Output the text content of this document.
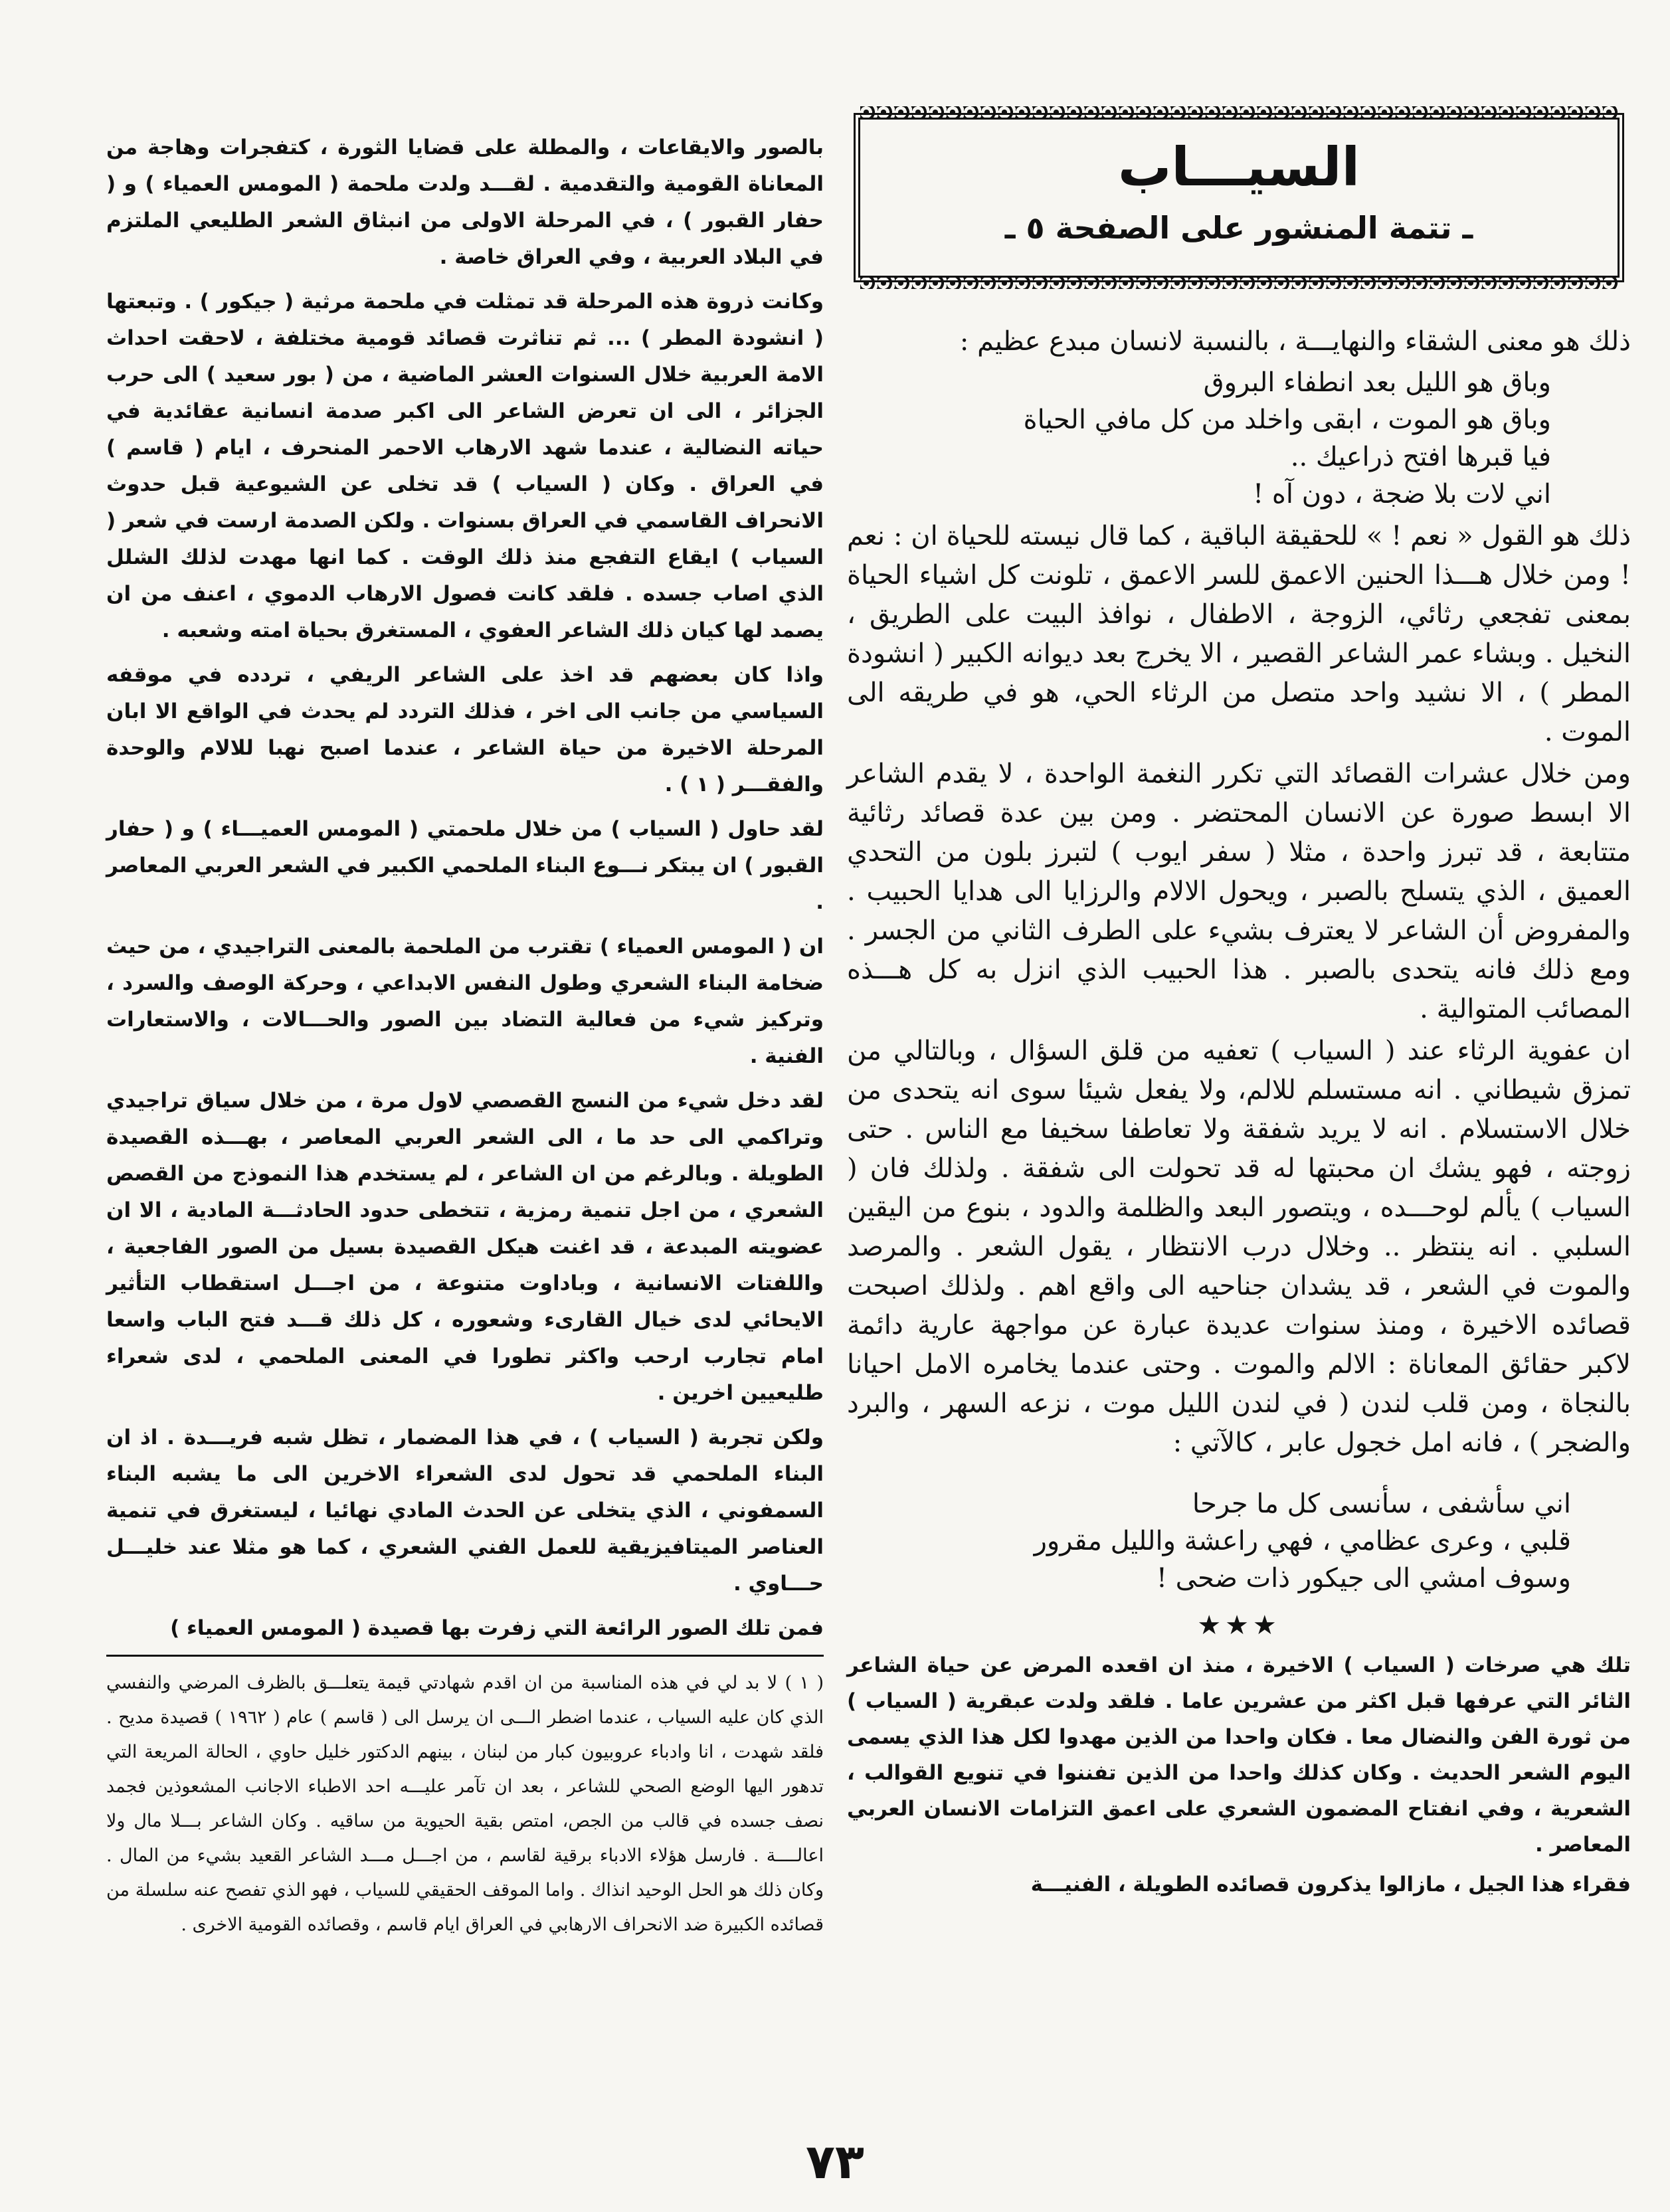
السيـــاب
ـ تتمة المنشور على الصفحة ٥ ـ

ذلك هو معنى الشقاء والنهايـــة ، بالنسبة لانسان مبدع عظيم :

وباق هو الليل بعد انطفاء البروق
وباق هو الموت ، ابقى واخلد من كل مافي الحياة
فيا قبرها افتح ذراعيك ..
اني لات بلا ضجة ، دون آه !

ذلك هو القول « نعم ! » للحقيقة الباقية ، كما قال نيسته للحياة ان : نعم ! ومن خلال هـــذا الحنين الاعمق للسر الاعمق ، تلونت كل اشياء الحياة بمعنى تفجعي رثائي، الزوجة ، الاطفال ، نوافذ البيت على الطريق ، النخيل . وبشاء عمر الشاعر القصير ، الا يخرج بعد ديوانه الكبير ( انشودة المطر ) ، الا نشيد واحد متصل من الرثاء الحي، هو في طريقه الى الموت .

ومن خلال عشرات القصائد التي تكرر النغمة الواحدة ، لا يقدم الشاعر الا ابسط صورة عن الانسان المحتضر . ومن بين عدة قصائد رثائية متتابعة ، قد تبرز واحدة ، مثلا ( سفر ايوب ) لتبرز بلون من التحدي العميق ، الذي يتسلح بالصبر ، ويحول الالام والرزايا الى هدايا الحبيب . والمفروض أن الشاعر لا يعترف بشيء على الطرف الثاني من الجسر . ومع ذلك فانه يتحدى بالصبر . هذا الحبيب الذي انزل به كل هـــذه المصائب المتوالية .

ان عفوية الرثاء عند ( السياب ) تعفيه من قلق السؤال ، وبالتالي من تمزق شيطاني . انه مستسلم للالم، ولا يفعل شيئا سوى انه يتحدى من خلال الاستسلام . انه لا يريد شفقة ولا تعاطفا سخيفا مع الناس . حتى زوجته ، فهو يشك ان محبتها له قد تحولت الى شفقة . ولذلك فان ( السياب ) يألم لوحـــده ، ويتصور البعد والظلمة والدود ، بنوع من اليقين السلبي . انه ينتظر .. وخلال درب الانتظار ، يقول الشعر . والمرصد والموت في الشعر ، قد يشدان جناحيه الى واقع اهم . ولذلك اصبحت قصائده الاخيرة ، ومنذ سنوات عديدة عبارة عن مواجهة عارية دائمة لاكبر حقائق المعاناة : الالم والموت . وحتى عندما يخامره الامل احيانا بالنجاة ، ومن قلب لندن ( في لندن الليل موت ، نزعه السهر ، والبرد والضجر ) ، فانه امل خجول عابر ، كالآتي :

اني سأشفى ، سأنسى كل ما جرحا
قلبي ، وعرى عظامي ، فهي راعشة والليل مقرور
وسوف امشي الى جيكور ذات ضحى !
★★★

تلك هي صرخات ( السياب ) الاخيرة ، منذ ان اقعده المرض عن حياة الشاعر الثائر التي عرفها قبل اكثر من عشرين عاما . فلقد ولدت عبقرية ( السياب ) من ثورة الفن والنضال معا . فكان واحدا من الذين مهدوا لكل هذا الذي يسمى اليوم الشعر الحديث . وكان كذلك واحدا من الذين تفننوا في تنويع القوالب ، الشعرية ، وفي انفتاح المضمون الشعري على اعمق التزامات الانسان العربي المعاصر .

فقراء هذا الجيل ، مازالوا يذكرون قصائده الطويلة ، الفنيـــة

بالصور والايقاعات ، والمطلة على قضايا الثورة ، كتفجرات وهاجة من المعاناة القومية والتقدمية . لقـــد ولدت ملحمة ( المومس العمياء ) و ( حفار القبور ) ، في المرحلة الاولى من انبثاق الشعر الطليعي الملتزم في البلاد العربية ، وفي العراق خاصة .

وكانت ذروة هذه المرحلة قد تمثلت في ملحمة مرثية ( جيكور ) . وتبعتها ( انشودة المطر ) ... ثم تناثرت قصائد قومية مختلفة ، لاحقت احداث الامة العربية خلال السنوات العشر الماضية ، من ( بور سعيد ) الى حرب الجزائر ، الى ان تعرض الشاعر الى اكبر صدمة انسانية عقائدية في حياته النضالية ، عندما شهد الارهاب الاحمر المنحرف ، ايام ( قاسم ) في العراق . وكان ( السياب ) قد تخلى عن الشيوعية قبل حدوث الانحراف القاسمي في العراق بسنوات . ولكن الصدمة ارست في شعر ( السياب ) ايقاع التفجع منذ ذلك الوقت . كما انها مهدت لذلك الشلل الذي اصاب جسده . فلقد كانت فصول الارهاب الدموي ، اعنف من ان يصمد لها كيان ذلك الشاعر العفوي ، المستغرق بحياة امته وشعبه .

واذا كان بعضهم قد اخذ على الشاعر الريفي ، تردده في موقفه السياسي من جانب الى اخر ، فذلك التردد لم يحدث في الواقع الا ابان المرحلة الاخيرة من حياة الشاعر ، عندما اصبح نهبا للالام والوحدة والفقـــر ( ١ ) .

لقد حاول ( السياب ) من خلال ملحمتي ( المومس العميـــاء ) و ( حفار القبور ) ان يبتكر نـــوع البناء الملحمي الكبير في الشعر العربي المعاصر .

ان ( المومس العمياء ) تقترب من الملحمة بالمعنى التراجيدي ، من حيث ضخامة البناء الشعري وطول النفس الابداعي ، وحركة الوصف والسرد ، وتركيز شيء من فعالية التضاد بين الصور والحـــالات ، والاستعارات الفنية .

لقد دخل شيء من النسج القصصي لاول مرة ، من خلال سياق تراجيدي وتراكمي الى حد ما ، الى الشعر العربي المعاصر ، بهـــذه القصيدة الطويلة . وبالرغم من ان الشاعر ، لم يستخدم هذا النموذج من القصص الشعري ، من اجل تنمية رمزية ، تتخطى حدود الحادثـــة المادية ، الا ان عضويته المبدعة ، قد اغنت هيكل القصيدة بسيل من الصور الفاجعية ، واللفتات الانسانية ، وباداوت متنوعة ، من اجـــل استقطاب التأثير الايحائي لدى خيال القارىء وشعوره ، كل ذلك قـــد فتح الباب واسعا امام تجارب ارحب واكثر تطورا في المعنى الملحمي ، لدى شعراء طليعيين اخرين .

ولكن تجربة ( السياب ) ، في هذا المضمار ، تظل شبه فريـــدة . اذ ان البناء الملحمي قد تحول لدى الشعراء الاخرين الى ما يشبه البناء السمفوني ، الذي يتخلى عن الحدث المادي نهائيا ، ليستغرق في تنمية العناصر الميتافيزيقية للعمل الفني الشعري ، كما هو مثلا عند خليـــل حـــاوي .

فمن تلك الصور الرائعة التي زفرت بها قصيدة ( المومس العمياء )

( ١ ) لا بد لي في هذه المناسبة من ان اقدم شهادتي قيمة يتعلـــق بالظرف المرضي والنفسي الذي كان عليه السياب ، عندما اضطر الـــى ان يرسل الى ( قاسم ) عام ( ١٩٦٢ ) قصيدة مديح . فلقد شهدت ، انا وادباء عروبيون كبار من لبنان ، بينهم الدكتور خليل حاوي ، الحالة المريعة التي تدهور اليها الوضع الصحي للشاعر ، بعد ان تآمر عليـــه احد الاطباء الاجانب المشعوذين فجمد نصف جسده في قالب من الجص، امتص بقية الحيوية من ساقيه . وكان الشاعر بـــلا مال ولا اعالــــة . فارسل هؤلاء الادباء برقية لقاسم ، من اجـــل مـــد الشاعر القعيد بشيء من المال . وكان ذلك هو الحل الوحيد انذاك . واما الموقف الحقيقي للسياب ، فهو الذي تفصح عنه سلسلة من قصائده الكبيرة ضد الانحراف الارهابي في العراق ايام قاسم ، وقصائده القومية الاخرى .

٧٣
